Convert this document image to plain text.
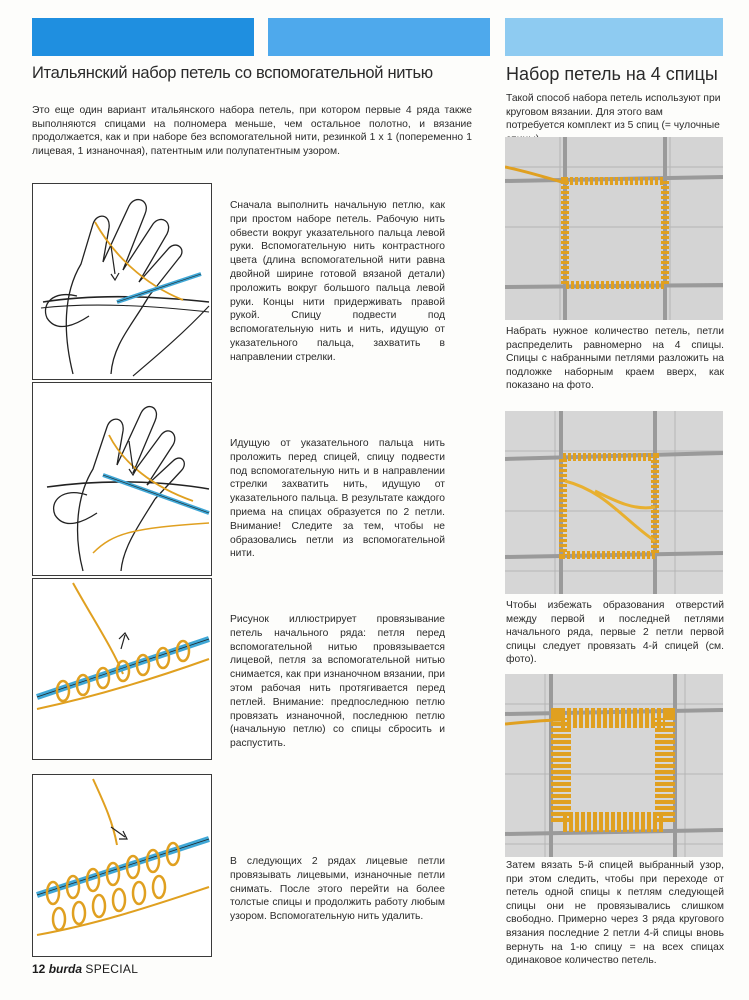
Итальянский набор петель со вспомогательной нитью	Набор петель на 4 спицы
Это еще один вариант итальянского набора петель, при котором первые 4 ряда также выполняются спицами на полномера меньше, чем остальное полотно, и вязание продолжается, как и при наборе без вспомогательной нити, резинкой 1 x 1 (попеременно 1 лицевая, 1 изнаночная), патентным или полупатентным узором.
Такой способ набора петель используют при круговом вязании. Для этого вам потребуется комплект из 5 спиц (= чулочные
Сначала выполнить начальную петлю, как при простом наборе петель. Рабочую нить обвести вокруг указательного пальца левой руки. Вспомогательную нить контрастного цвета (длина вспомогательной нити равна двойной ширине готовой вязаной детали) проложить вокруг большого пальца левой руки. Концы нити придерживать правой рукой. Спицу подвести под вспомогательную нить и нить, идущую от указательного пальца, захватить в направлении стрелки.
Идущую от указательного пальца нить проложить перед спицей, спицу подвести под вспомогательную нить и в направлении стрелки захватить нить, идущую от указательного пальца. В результате каждого приема на спицах образуется по 2 петли. Внимание! Следите за тем, чтобы не образовались петли из вспомогательной нити.
Рисунок иллюстрирует провязывание петель начального ряда: петля перед вспомогательной нитью провязывается лицевой, петля за вспомогательной нитью снимается, как при изнаночном вязании, при этом рабочая нить протягивается перед петлей. Внимание: предпоследнюю петлю провязать изнаночной, последнюю петлю (начальную петлю) со спицы сбросить и распустить.
В следующих 2 рядах лицевые петли провязывать лицевыми, изнаночные петли снимать. После этого перейти на более толстые спицы и продолжить работу любым узором. Вспомогательную нить удалить.
Набрать нужное количество петель, петли распределить равномерно на 4 спицы. Спицы с набранными петлями разложить на подложке наборным краем вверх, как показано на фото.
Чтобы избежать образования отверстий между первой и последней петлями начального ряда, первые 2 петли первой спицы следует провязать 4-й спицей (см. фото).
Затем вязать 5-й спицей выбранный узор, при этом следить, чтобы при переходе от петель одной спицы к петлям следующей спицы они не провязывались слишком свободно. Примерно через 3 ряда кругового вязания последние 2 петли 4-й спицы вновь вернуть на 1-ю спицу = на всех спицах одинаковое количество петель.
12 burda SPECIAL
